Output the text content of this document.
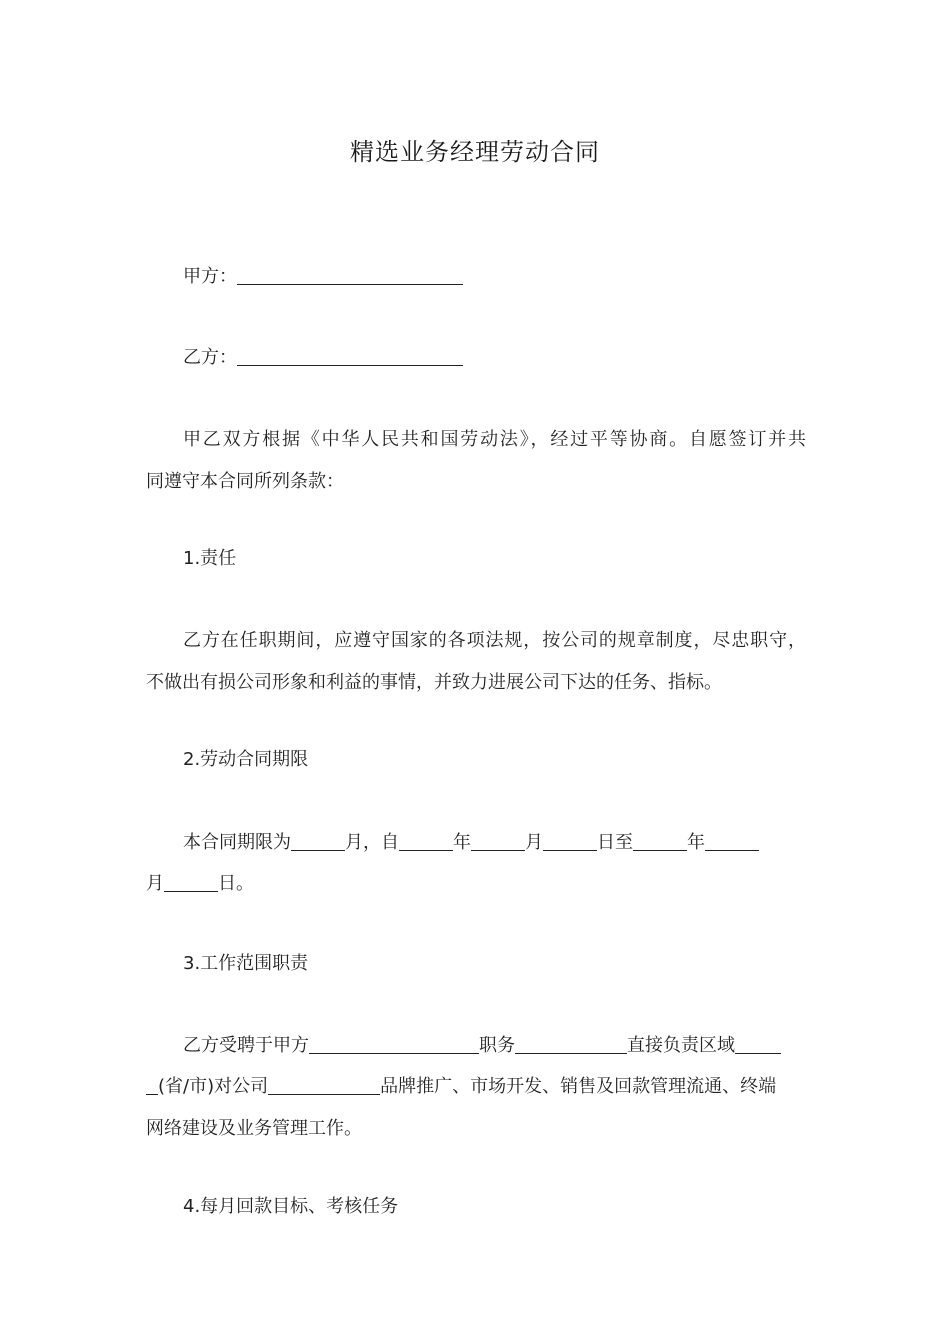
精选业务经理劳动合同
甲方：
乙方：
甲乙双方根据《中华人民共和国劳动法》，经过平等协商。自愿签订并共
同遵守本合同所列条款：
1.责任
乙方在任职期间，应遵守国家的各项法规，按公司的规章制度，尽忠职守，
不做出有损公司形象和利益的事情，并致力进展公司下达的任务、指标。
2.劳动合同期限
本合同期限为	月，自	年	月	日至	年
月	日。
3.工作范围职责
乙方受聘于甲方	职务	直接负责区域
(省/市)对公司	品牌推广、市场开发、销售及回款管理流通、终端
网络建设及业务管理工作。
4.每月回款目标、考核任务
